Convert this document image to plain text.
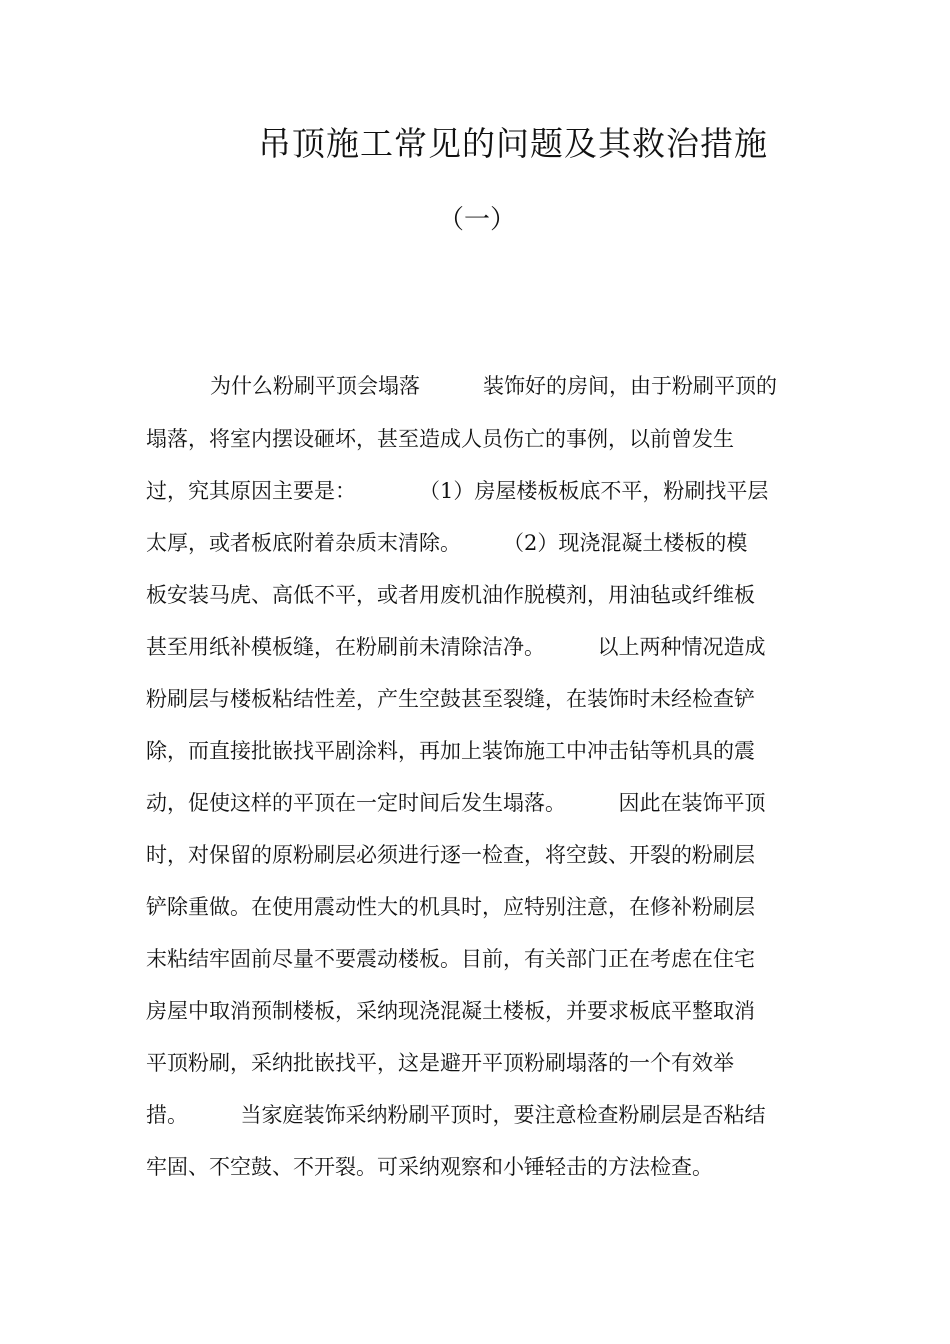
吊顶施工常见的问题及其救治措施
（一）

为什么粉刷平顶会塌落　　　装饰好的房间，由于粉刷平顶的

塌落，将室内摆设砸坏，甚至造成人员伤亡的事例，以前曾发生

过，究其原因主要是：　　　　（1）房屋楼板板底不平，粉刷找平层

太厚，或者板底附着杂质末清除。　　　（2）现浇混凝土楼板的模

板安装马虎、高低不平，或者用废机油作脱模剂，用油毡或纤维板

甚至用纸补模板缝，在粉刷前未清除洁净。　　　以上两种情况造成

粉刷层与楼板粘结性差，产生空鼓甚至裂缝，在装饰时未经检查铲

除，而直接批嵌找平剧涂料，再加上装饰施工中冲击钻等机具的震

动，促使这样的平顶在一定时间后发生塌落。　　　因此在装饰平顶

时，对保留的原粉刷层必须进行逐一检查，将空鼓、开裂的粉刷层

铲除重做。在使用震动性大的机具时，应特别注意，在修补粉刷层

末粘结牢固前尽量不要震动楼板。目前，有关部门正在考虑在住宅

房屋中取消预制楼板，采纳现浇混凝土楼板，并要求板底平整取消

平顶粉刷，采纳批嵌找平，这是避开平顶粉刷塌落的一个有效举

措。　　　当家庭装饰采纳粉刷平顶时，要注意检查粉刷层是否粘结

牢固、不空鼓、不开裂。可采纳观察和小锤轻击的方法检查。
